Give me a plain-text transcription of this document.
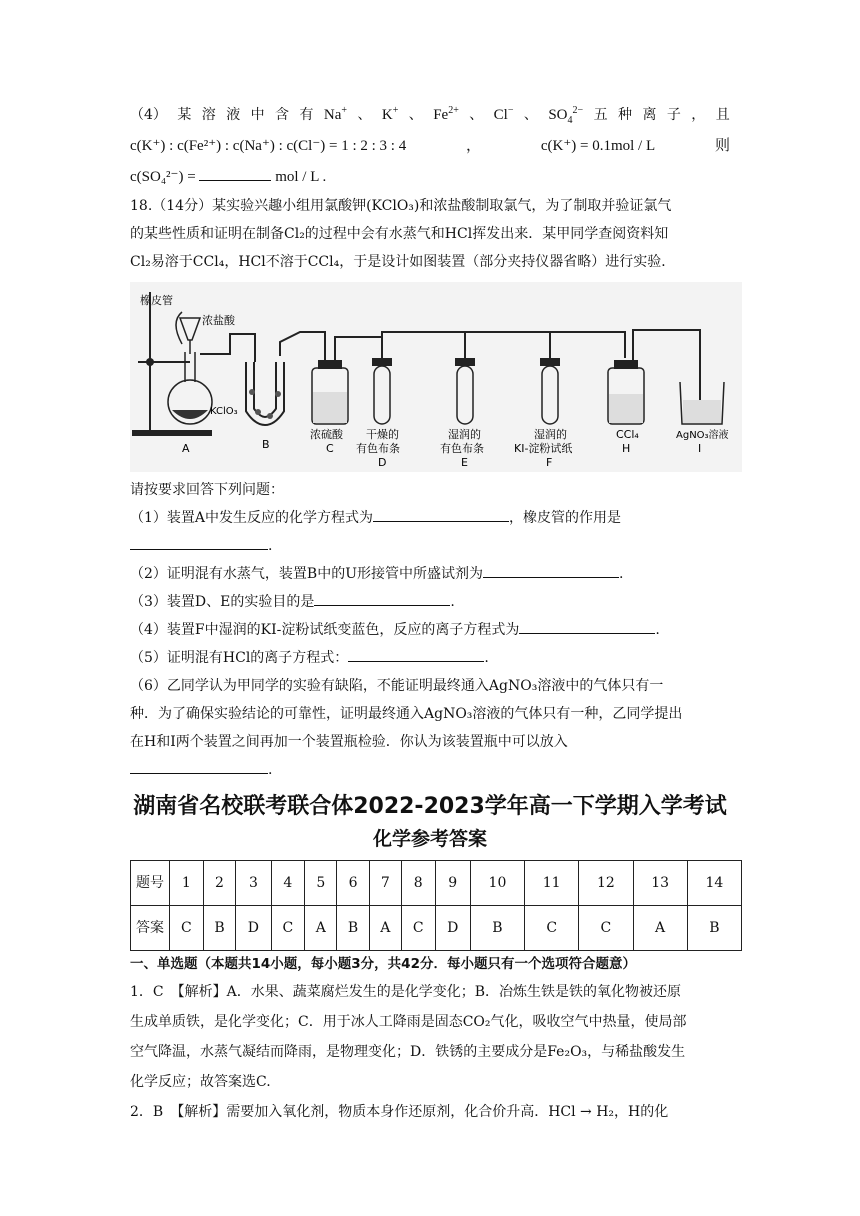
（4） 某 溶 液 中 含 有 Na+ 、 K+ 、 $Fe^{2+}$ 、 Cl− 、 $SO_4^{2-}$ 五 种 离 子 ， 且
c(K⁺) : c(Fe²⁺) : c(Na⁺) : c(Cl⁻) = 1 : 2 : 3 : 4	，	c(K⁺) = 0.1mol / L	则
c(SO₄²⁻) =	mol / L .
18.（14分）某实验兴趣小组用氯酸钾(KClO₃)和浓盐酸制取氯气，为了制取并验证氯气
的某些性质和证明在制备Cl₂的过程中会有水蒸气和HCl挥发出来．某甲同学查阅资料知
Cl₂易溶于CCl₄，HCl不溶于CCl₄，于是设计如图装置（部分夹持仪器省略）进行实验．
橡皮管
浓盐酸
KClO₃
A	B
浓硫酸
C
干燥的
有色布条
D
湿润的
有色布条
E
湿润的
KI-淀粉试纸
F
CCl₄
H
AgNO₃溶液
I
请按要求回答下列问题：
（1）装置A中发生反应的化学方程式为	，橡皮管的作用是
.
（2）证明混有水蒸气，装置B中的U形接管中所盛试剂为	.
（3）装置D、E的实验目的是	.
（4）装置F中湿润的KI-淀粉试纸变蓝色，反应的离子方程式为	.
（5）证明混有HCl的离子方程式：	.
（6）乙同学认为甲同学的实验有缺陷，不能证明最终通入AgNO₃溶液中的气体只有一
种．为了确保实验结论的可靠性，证明最终通入AgNO₃溶液的气体只有一种，乙同学提出
在H和I两个装置之间再加一个装置瓶检验．你认为该装置瓶中可以放入
.
湖南省名校联考联合体2022-2023学年高一下学期入学考试
化学参考答案
题号	1	2	3	4	5	6	7	8	9	10	11	12	13	14
答案	C	B	D	C	A	B	A	C	D	B	C	C	A	B
一、单选题（本题共14小题，每小题3分，共42分．每小题只有一个选项符合题意）
1．C　【解析】A．水果、蔬菜腐烂发生的是化学变化；B．冶炼生铁是铁的氧化物被还原
生成单质铁，是化学变化；C．用于冰人工降雨是固态CO₂气化，吸收空气中热量，使局部
空气降温，水蒸气凝结而降雨，是物理变化；D．铁锈的主要成分是Fe₂O₃，与稀盐酸发生
化学反应；故答案选C.
2．B　【解析】需要加入氧化剂，物质本身作还原剂，化合价升高．HCl → H₂，H的化
